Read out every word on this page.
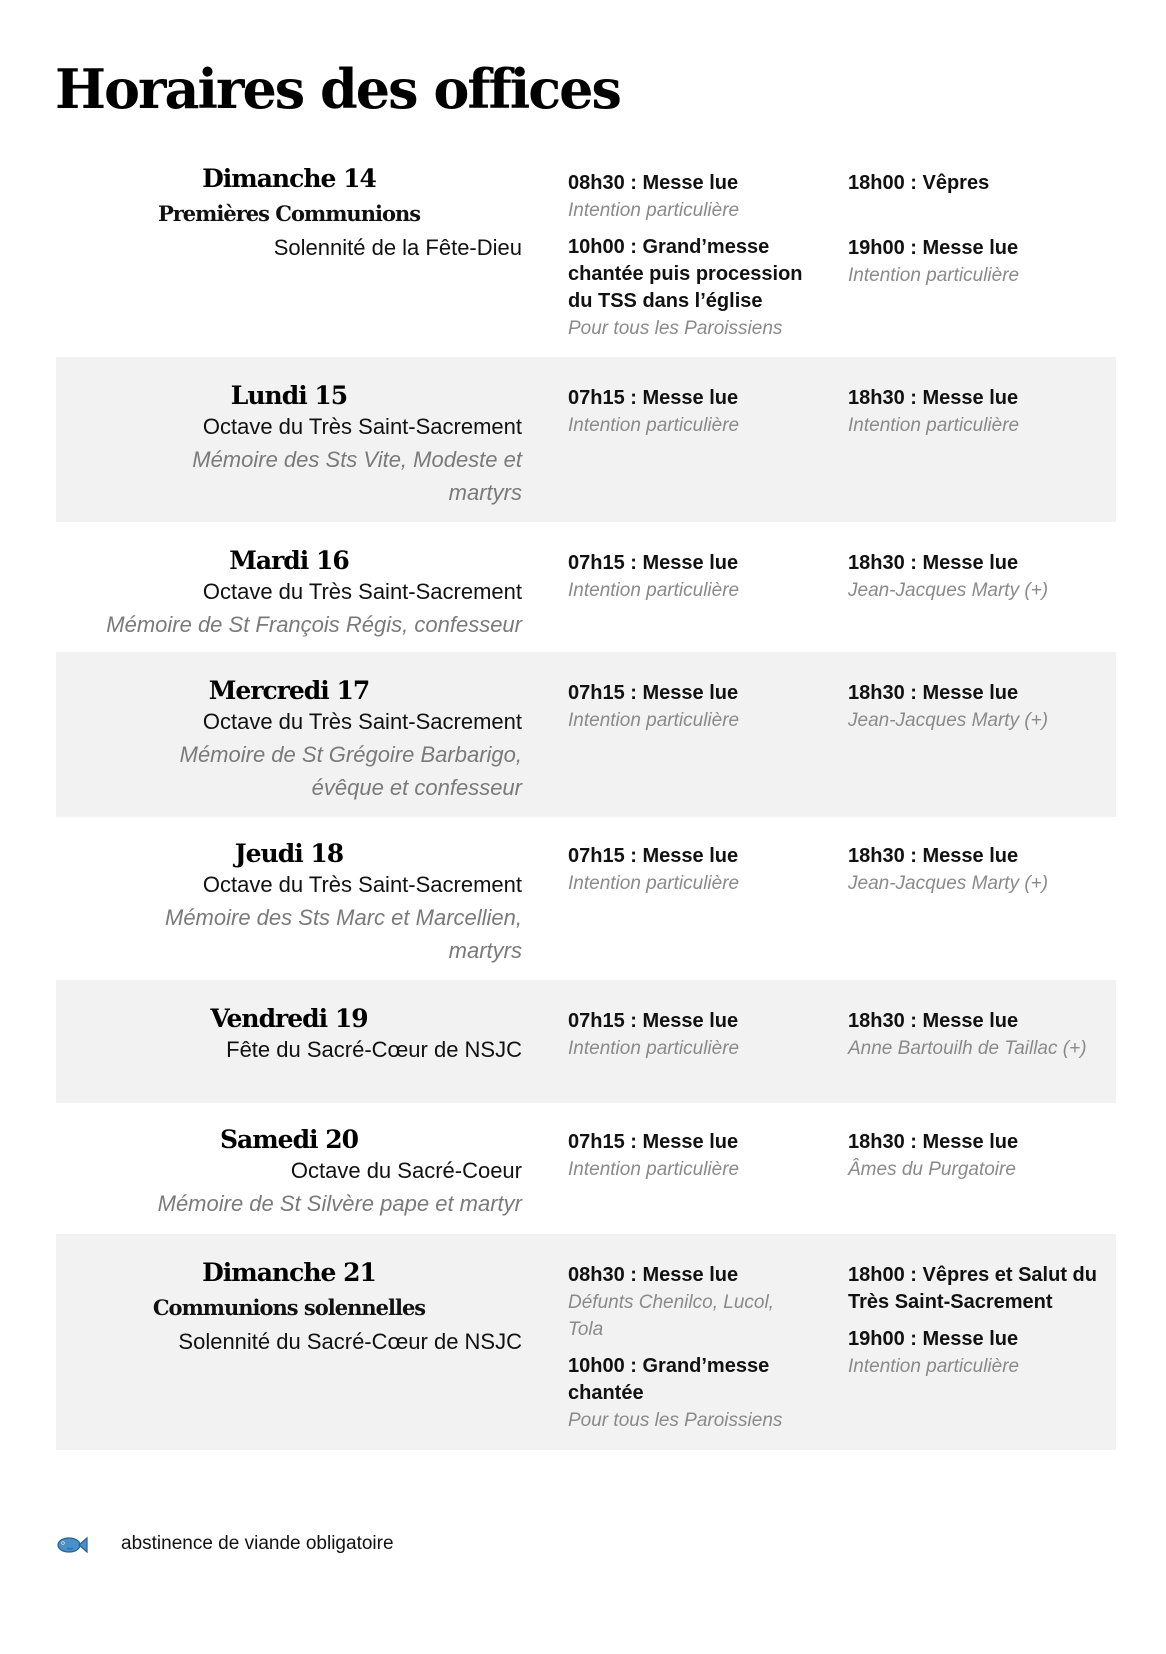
Horaires des offices
Dimanche 14
Premières Communions
Solennité de la Fête-Dieu
08h30 : Messe lue
Intention particulière
10h00 : Grand’messe chantée puis procession du TSS dans l’église
Pour tous les Paroissiens
18h00 : Vêpres
19h00 : Messe lue
Intention particulière
Lundi 15
Octave du Très Saint-Sacrement
Mémoire des Sts Vite, Modeste et martyrs
07h15 : Messe lue
Intention particulière
18h30 : Messe lue
Intention particulière
Mardi 16
Octave du Très Saint-Sacrement
Mémoire de St François Régis, confesseur
07h15 : Messe lue
Intention particulière
18h30 : Messe lue
Jean-Jacques Marty (+)
Mercredi 17
Octave du Très Saint-Sacrement
Mémoire de St Grégoire Barbarigo, évêque et confesseur
07h15 : Messe lue
Intention particulière
18h30 : Messe lue
Jean-Jacques Marty (+)
Jeudi 18
Octave du Très Saint-Sacrement
Mémoire des Sts Marc et Marcellien, martyrs
07h15 : Messe lue
Intention particulière
18h30 : Messe lue
Jean-Jacques Marty (+)
Vendredi 19
Fête du Sacré-Cœur de NSJC
07h15 : Messe lue
Intention particulière
18h30 : Messe lue
Anne Bartouilh de Taillac (+)
Samedi 20
Octave du Sacré-Coeur
Mémoire de St Silvère pape et martyr
07h15 : Messe lue
Intention particulière
18h30 : Messe lue
Âmes du Purgatoire
Dimanche 21
Communions solennelles
Solennité du Sacré-Cœur de NSJC
08h30 : Messe lue
Défunts Chenilco, Lucol, Tola
10h00 : Grand’messe chantée
Pour tous les Paroissiens
18h00 : Vêpres et Salut du Très Saint-Sacrement
19h00 : Messe lue
Intention particulière
abstinence de viande obligatoire
